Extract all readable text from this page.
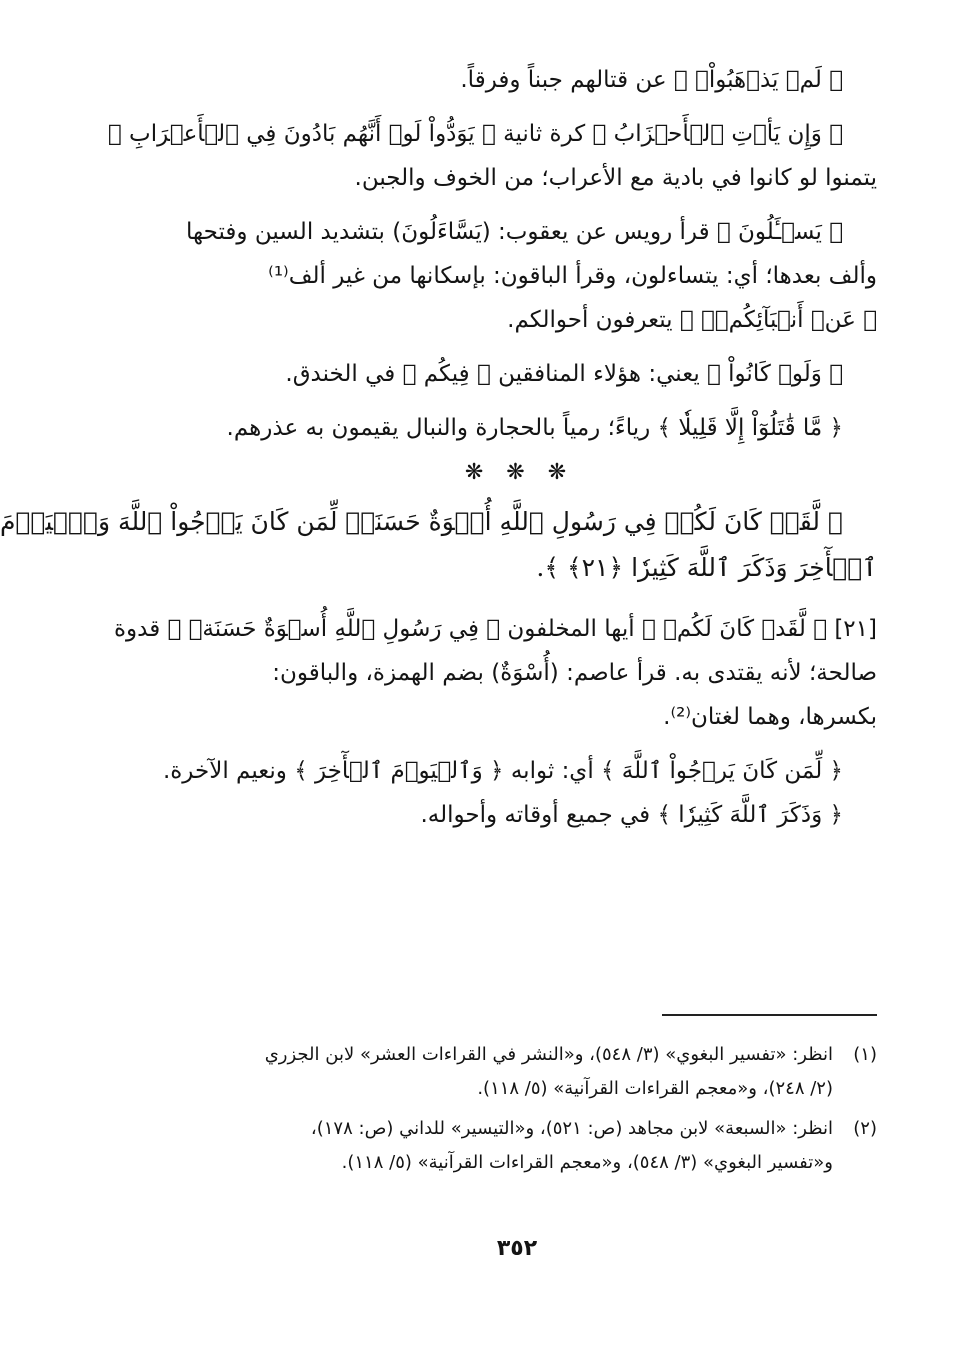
﴿ لَمۡ يَذۡهَبُواْۖ ﴾ عن قتالهم جبناً وفرقاً.
﴿ وَإِن يَأۡتِ ٱلۡأَحۡزَابُ ﴾ كرة ثانية ﴿ يَوَدُّواْ لَوۡ أَنَّهُم بَادُونَ فِي ٱلۡأَعۡرَابِ ﴾
يتمنوا لو كانوا في بادية مع الأعراب؛ من الخوف والجبن.
﴿ يَسۡـَٔلُونَ ﴾ قرأ رويس عن يعقوب: (يَسَّاءَلُونَ) بتشديد السين وفتحها
وألف بعدها؛ أي: يتساءلون، وقرأ الباقون: بإسكانها من غير ألف⁽¹⁾
﴿ عَنۡ أَنۢبَآئِكُمۡۖ ﴾ يتعرفون أحوالكم.
﴿ وَلَوۡ كَانُواْ ﴾ يعني: هؤلاء المنافقين ﴿ فِيكُم ﴾ في الخندق.
﴿ مَّا قَٰتَلُوٓاْ إِلَّا قَلِيلٗا ﴾ رياءً؛ رمياً بالحجارة والنبال يقيمون به عذرهم.
❋ ❋ ❋
﴿ لَّقَدۡ كَانَ لَكُمۡ فِي رَسُولِ ٱللَّهِ أُسۡوَةٌ حَسَنَةٞ لِّمَن كَانَ يَرۡجُواْ ٱللَّهَ وَٱلۡيَوۡمَ
ٱلۡأٓخِرَ وَذَكَرَ ٱللَّهَ كَثِيرٗا ﴿٢١﴾ ﴾.
[٢١] ﴿ لَّقَدۡ كَانَ لَكُمۡ ﴾ أيها المخلفون ﴿ فِي رَسُولِ ٱللَّهِ أُسۡوَةٌ حَسَنَةٞ ﴾ قدوة
صالحة؛ لأنه يقتدى به. قرأ عاصم: (أُسْوَةٌ) بضم الهمزة، والباقون:
بكسرها، وهما لغتان⁽²⁾.
﴿ لِّمَن كَانَ يَرۡجُواْ ٱللَّهَ ﴾ أي: ثوابه ﴿ وَٱلۡيَوۡمَ ٱلۡأٓخِرَ ﴾ ونعيم الآخرة.
﴿ وَذَكَرَ ٱللَّهَ كَثِيرٗا ﴾ في جميع أوقاته وأحواله.
(١)
انظر: «تفسير البغوي» (٣/ ٥٤٨)، و«النشر في القراءات العشر» لابن الجزري
(٢/ ٢٤٨)، و«معجم القراءات القرآنية» (٥/ ١١٨).
(٢)
انظر: «السبعة» لابن مجاهد (ص: ٥٢١)، و«التيسير» للداني (ص: ١٧٨)،
و«تفسير البغوي» (٣/ ٥٤٨)، و«معجم القراءات القرآنية» (٥/ ١١٨).
٣٥٢
